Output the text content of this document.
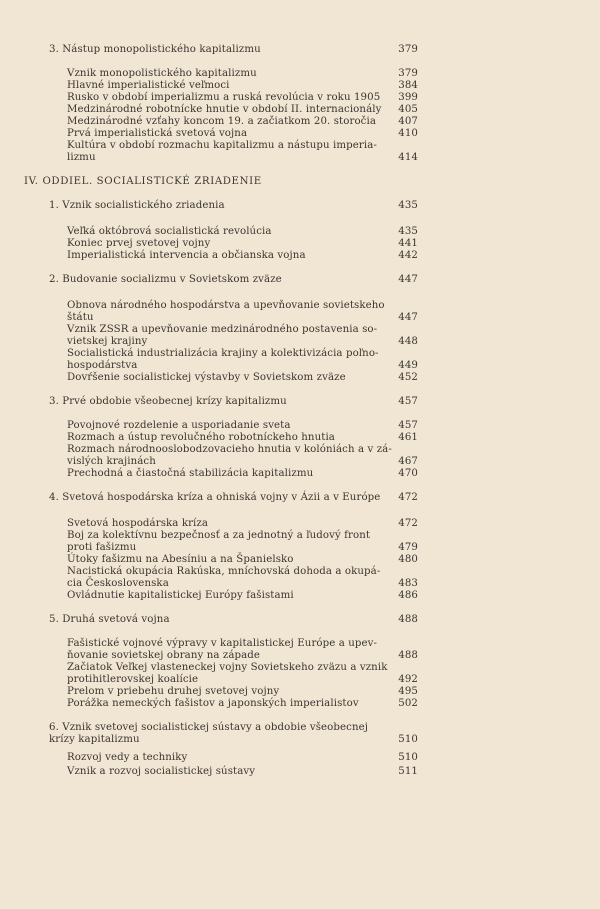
3. Nástup monopolistického kapitalizmu	379
Vznik monopolistického kapitalizmu	379
Hlavné imperialistické veľmoci	384
Rusko v období imperializmu a ruská revolúcia v roku 1905	399
Medzinárodné robotnícke hnutie v období II. internacionály	405
Medzinárodné vzťahy koncom 19. a začiatkom 20. storočia	407
Prvá imperialistická svetová vojna	410
Kultúra v období rozmachu kapitalizmu a nástupu imperia-
lizmu	414
IV. ODDIEL. SOCIALISTICKÉ ZRIADENIE
1. Vznik socialistického zriadenia	435
Veľká októbrová socialistická revolúcia	435
Koniec prvej svetovej vojny	441
Imperialistická intervencia a občianska vojna	442
2. Budovanie socializmu v Sovietskom zväze	447
Obnova národného hospodárstva a upevňovanie sovietskeho
štátu	447
Vznik ZSSR a upevňovanie medzinárodného postavenia so-
vietskej krajiny	448
Socialistická industrializácia krajiny a kolektivizácia poľno-
hospodárstva	449
Dovŕšenie socialistickej výstavby v Sovietskom zväze	452
3. Prvé obdobie všeobecnej krízy kapitalizmu	457
Povojnové rozdelenie a usporiadanie sveta	457
Rozmach a ústup revolučného robotníckeho hnutia	461
Rozmach národnooslobodzovacieho hnutia v kolóniách a v zá-
vislých krajinách	467
Prechodná a čiastočná stabilizácia kapitalizmu	470
4. Svetová hospodárska kríza a ohniská vojny v Ázii a v Európe	472
Svetová hospodárska kríza	472
Boj za kolektívnu bezpečnosť a za jednotný a ľudový front
proti fašizmu	479
Útoky fašizmu na Abesíniu a na Španielsko	480
Nacistická okupácia Rakúska, mníchovská dohoda a okupá-
cia Československa	483
Ovládnutie kapitalistickej Európy fašistami	486
5. Druhá svetová vojna	488
Fašistické vojnové výpravy v kapitalistickej Európe a upev-
ňovanie sovietskej obrany na západe	488
Začiatok Veľkej vlasteneckej vojny Sovietskeho zväzu a vznik
protihitlerovskej koalície	492
Prelom v priebehu druhej svetovej vojny	495
Porážka nemeckých fašistov a japonských imperialistov	502
6. Vznik svetovej socialistickej sústavy a obdobie všeobecnej
krízy kapitalizmu	510
Rozvoj vedy a techniky	510
Vznik a rozvoj socialistickej sústavy	511
